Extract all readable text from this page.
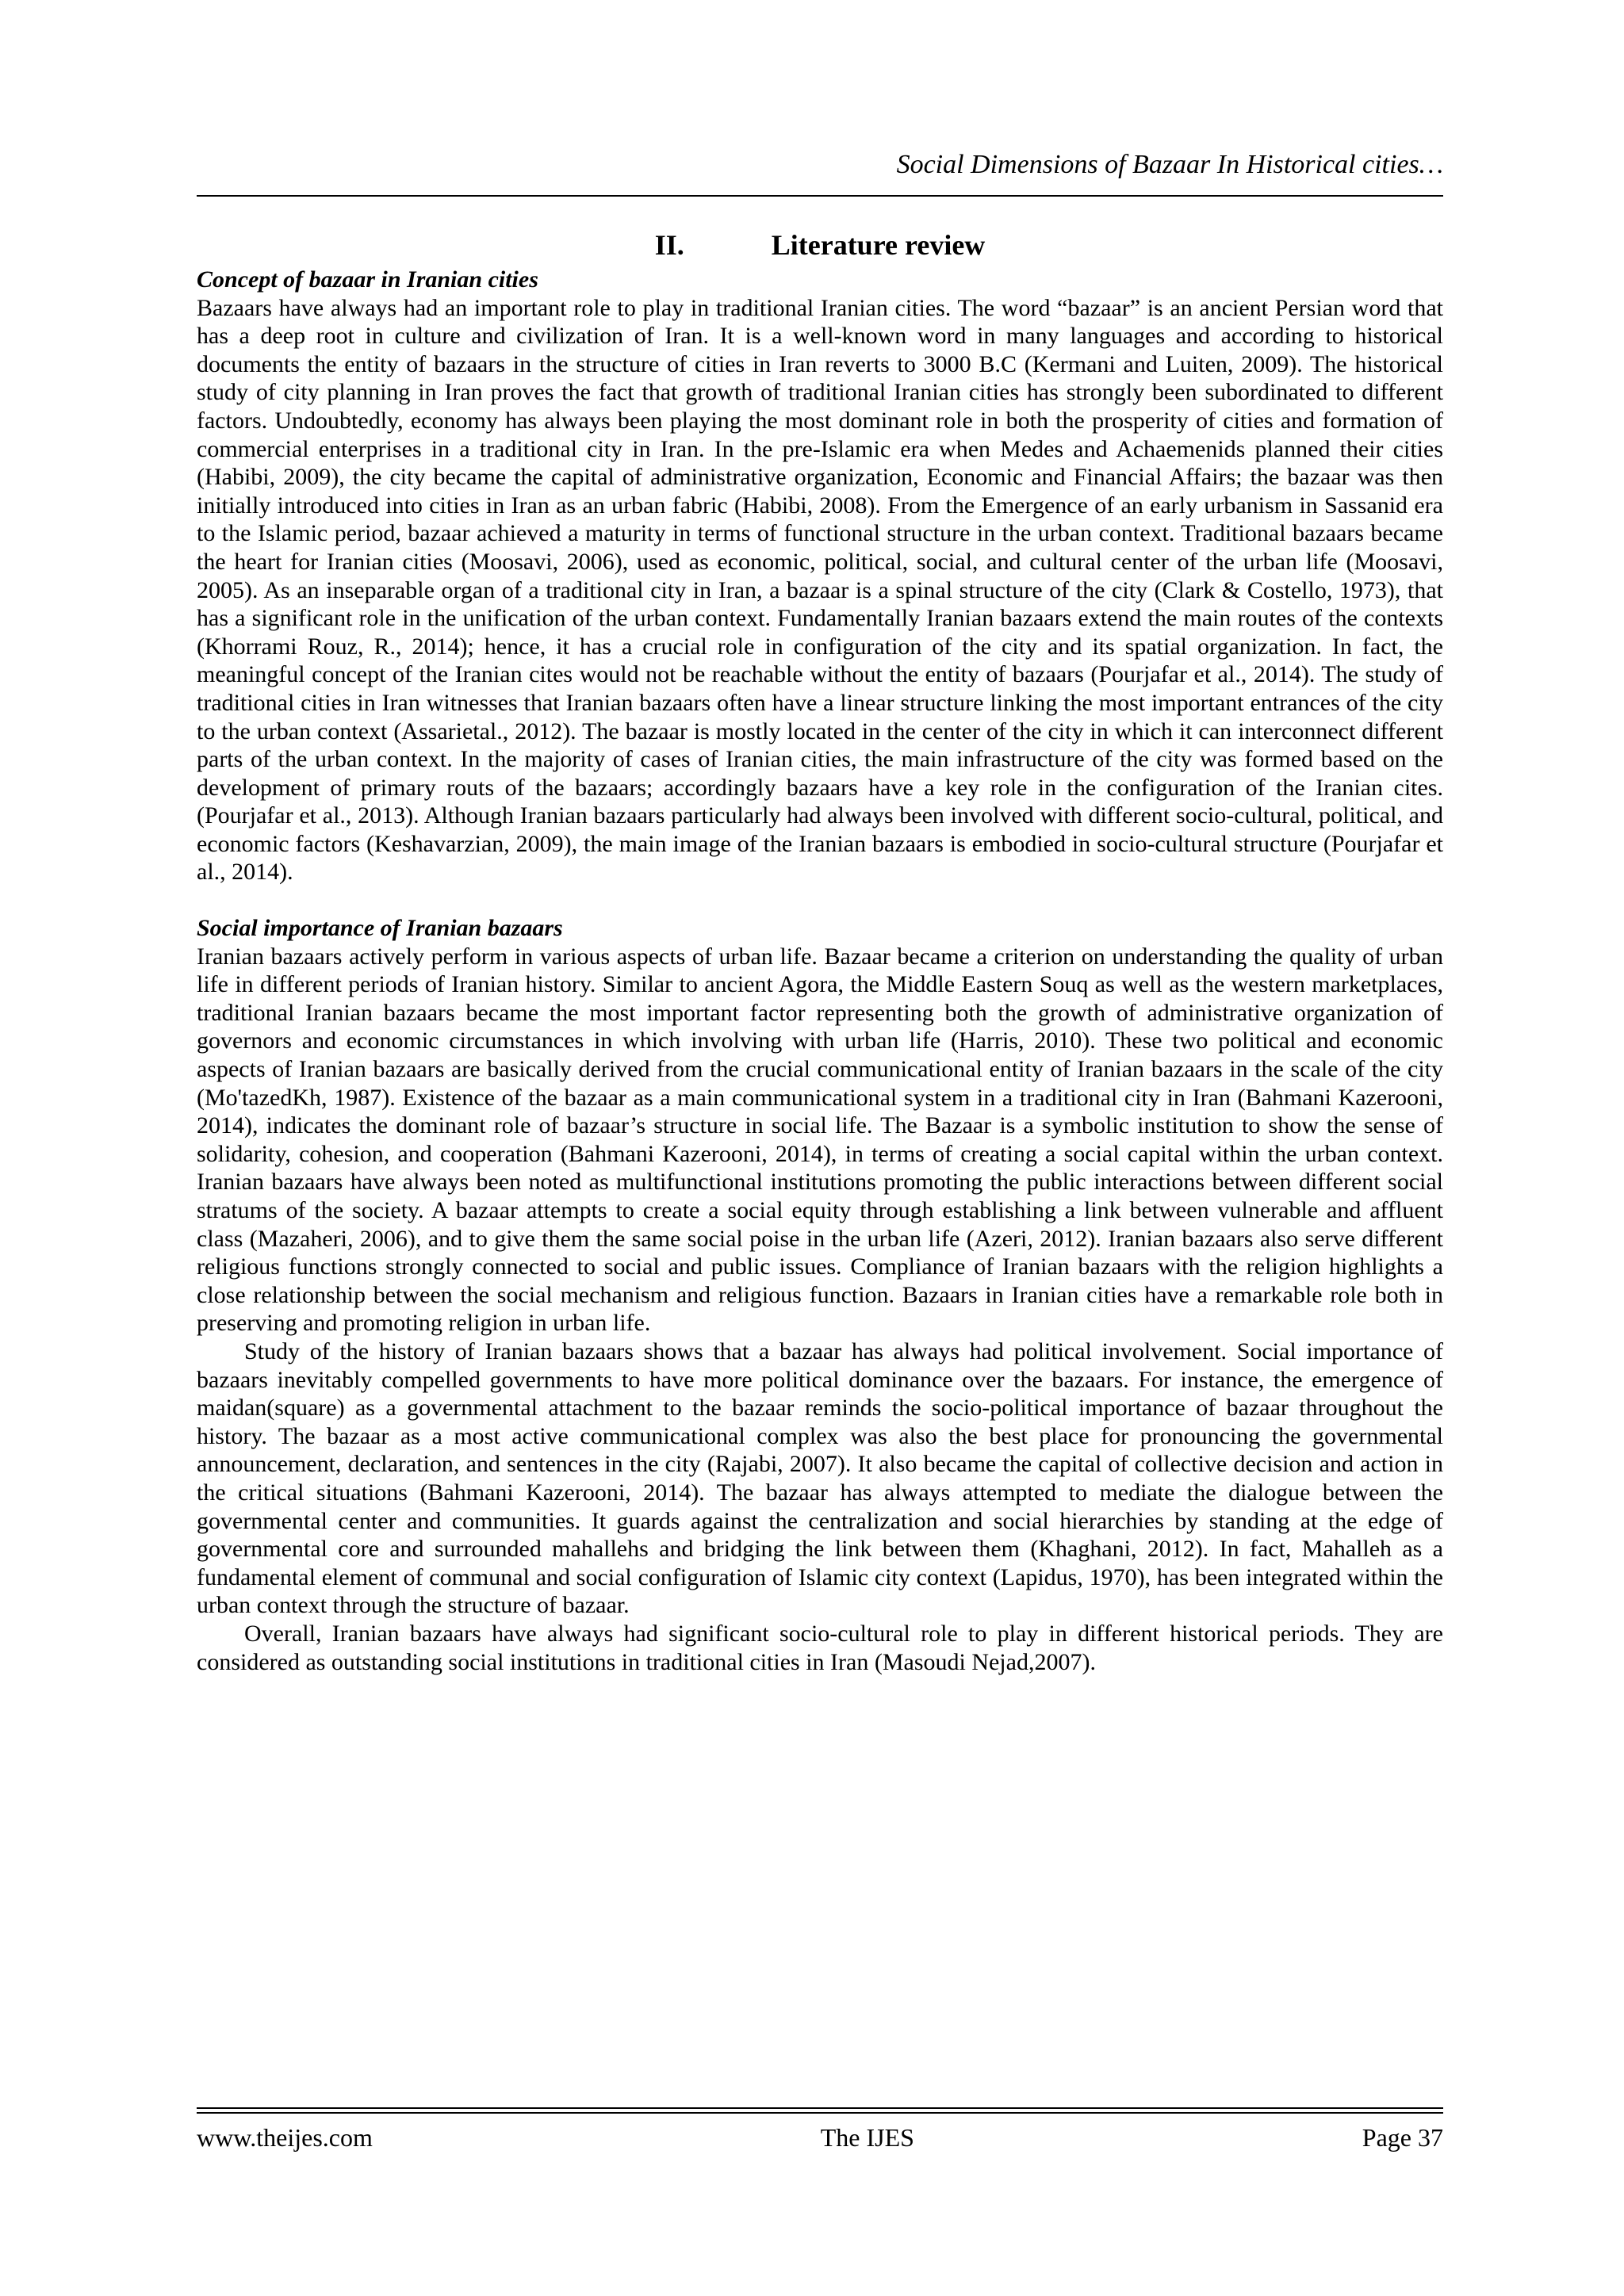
Social Dimensions of Bazaar In Historical cities…
II.	Literature review
Concept of bazaar in Iranian cities

Bazaars have always had an important role to play in traditional Iranian cities. The word “bazaar” is an ancient Persian word that has a deep root in culture and civilization of Iran. It is a well-known word in many languages and according to historical documents the entity of bazaars in the structure of cities in Iran reverts to 3000 B.C (Kermani and Luiten, 2009). The historical study of city planning in Iran proves the fact that growth of traditional Iranian cities has strongly been subordinated to different factors. Undoubtedly, economy has always been playing the most dominant role in both the prosperity of cities and formation of commercial enterprises in a traditional city in Iran. In the pre-Islamic era when Medes and Achaemenids planned their cities (Habibi, 2009), the city became the capital of administrative organization, Economic and Financial Affairs; the bazaar was then initially introduced into cities in Iran as an urban fabric (Habibi, 2008). From the Emergence of an early urbanism in Sassanid era to the Islamic period, bazaar achieved a maturity in terms of functional structure in the urban context. Traditional bazaars became the heart for Iranian cities (Moosavi, 2006), used as economic, political, social, and cultural center of the urban life (Moosavi, 2005). As an inseparable organ of a traditional city in Iran, a bazaar is a spinal structure of the city (Clark & Costello, 1973), that has a significant role in the unification of the urban context. Fundamentally Iranian bazaars extend the main routes of the contexts (Khorrami Rouz, R., 2014); hence, it has a crucial role in configuration of the city and its spatial organization. In fact, the meaningful concept of the Iranian cites would not be reachable without the entity of bazaars (Pourjafar et al., 2014). The study of traditional cities in Iran witnesses that Iranian bazaars often have a linear structure linking the most important entrances of the city to the urban context (Assarietal., 2012). The bazaar is mostly located in the center of the city in which it can interconnect different parts of the urban context. In the majority of cases of Iranian cities, the main infrastructure of the city was formed based on the development of primary routs of the bazaars; accordingly bazaars have a key role in the configuration of the Iranian cites. (Pourjafar et al., 2013). Although Iranian bazaars particularly had always been involved with different socio-cultural, political, and economic factors (Keshavarzian, 2009), the main image of the Iranian bazaars is embodied in socio-cultural structure (Pourjafar et al., 2014).

Social importance of Iranian bazaars

Iranian bazaars actively perform in various aspects of urban life. Bazaar became a criterion on understanding the quality of urban life in different periods of Iranian history. Similar to ancient Agora, the Middle Eastern Souq as well as the western marketplaces, traditional Iranian bazaars became the most important factor representing both the growth of administrative organization of governors and economic circumstances in which involving with urban life (Harris, 2010). These two political and economic aspects of Iranian bazaars are basically derived from the crucial communicational entity of Iranian bazaars in the scale of the city (Mo'tazedKh, 1987). Existence of the bazaar as a main communicational system in a traditional city in Iran (Bahmani Kazerooni, 2014), indicates the dominant role of bazaar’s structure in social life. The Bazaar is a symbolic institution to show the sense of solidarity, cohesion, and cooperation (Bahmani Kazerooni, 2014), in terms of creating a social capital within the urban context. Iranian bazaars have always been noted as multifunctional institutions promoting the public interactions between different social stratums of the society. A bazaar attempts to create a social equity through establishing a link between vulnerable and affluent class (Mazaheri, 2006), and to give them the same social poise in the urban life (Azeri, 2012). Iranian bazaars also serve different religious functions strongly connected to social and public issues. Compliance of Iranian bazaars with the religion highlights a close relationship between the social mechanism and religious function. Bazaars in Iranian cities have a remarkable role both in preserving and promoting religion in urban life.

Study of the history of Iranian bazaars shows that a bazaar has always had political involvement. Social importance of bazaars inevitably compelled governments to have more political dominance over the bazaars. For instance, the emergence of maidan(square) as a governmental attachment to the bazaar reminds the socio-political importance of bazaar throughout the history. The bazaar as a most active communicational complex was also the best place for pronouncing the governmental announcement, declaration, and sentences in the city (Rajabi, 2007). It also became the capital of collective decision and action in the critical situations (Bahmani Kazerooni, 2014). The bazaar has always attempted to mediate the dialogue between the governmental center and communities. It guards against the centralization and social hierarchies by standing at the edge of governmental core and surrounded mahallehs and bridging the link between them (Khaghani, 2012). In fact, Mahalleh as a fundamental element of communal and social configuration of Islamic city context (Lapidus, 1970), has been integrated within the urban context through the structure of bazaar.

Overall, Iranian bazaars have always had significant socio-cultural role to play in different historical periods. They are considered as outstanding social institutions in traditional cities in Iran (Masoudi Nejad,2007).

www.theijes.com	The IJES	Page 37
